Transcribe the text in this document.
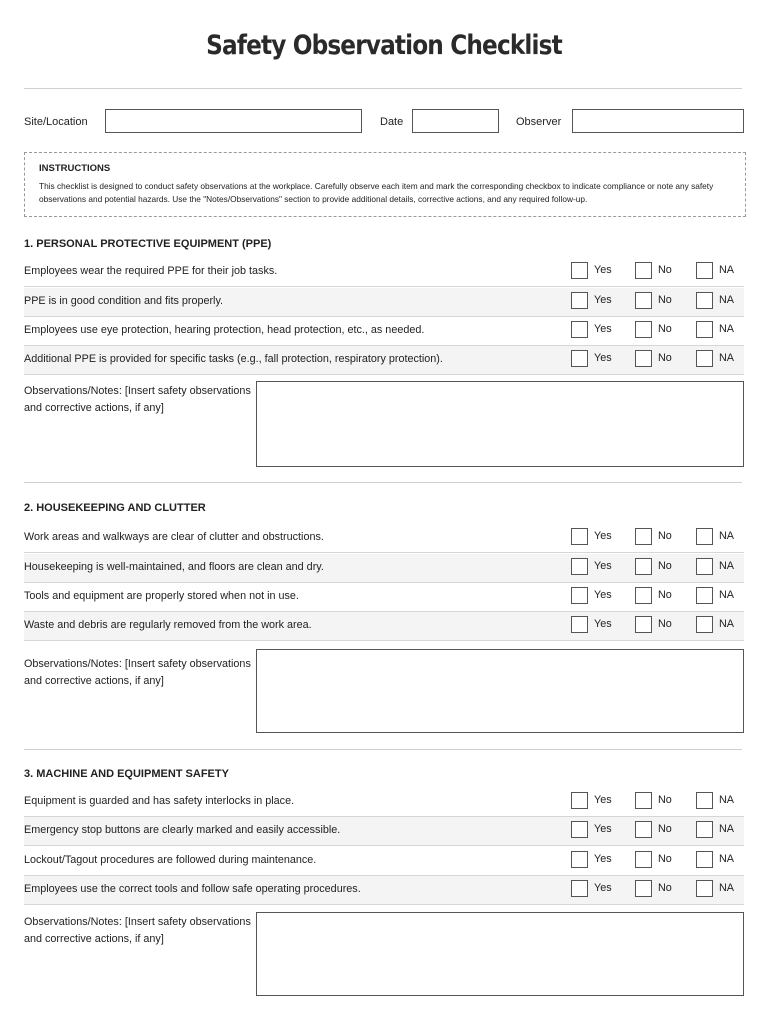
Safety Observation Checklist
Site/Location	Date	Observer
INSTRUCTIONS
This checklist is designed to conduct safety observations at the workplace. Carefully observe each item and mark the corresponding checkbox to indicate compliance or note any safety observations and potential hazards. Use the "Notes/Observations" section to provide additional details, corrective actions, and any required follow-up.
1. PERSONAL PROTECTIVE EQUIPMENT (PPE)
Employees wear the required PPE for their job tasks.	Yes	No	NA
PPE is in good condition and fits properly.	Yes	No	NA
Employees use eye protection, hearing protection, head protection, etc., as needed.	Yes	No	NA
Additional PPE is provided for specific tasks (e.g., fall protection, respiratory protection).	Yes	No	NA
Observations/Notes: [Insert safety observations and corrective actions, if any]
2. HOUSEKEEPING AND CLUTTER
Work areas and walkways are clear of clutter and obstructions.	Yes	No	NA
Housekeeping is well-maintained, and floors are clean and dry.	Yes	No	NA
Tools and equipment are properly stored when not in use.	Yes	No	NA
Waste and debris are regularly removed from the work area.	Yes	No	NA
Observations/Notes: [Insert safety observations and corrective actions, if any]
3. MACHINE AND EQUIPMENT SAFETY
Equipment is guarded and has safety interlocks in place.	Yes	No	NA
Emergency stop buttons are clearly marked and easily accessible.	Yes	No	NA
Lockout/Tagout procedures are followed during maintenance.	Yes	No	NA
Employees use the correct tools and follow safe operating procedures.	Yes	No	NA
Observations/Notes: [Insert safety observations and corrective actions, if any]
